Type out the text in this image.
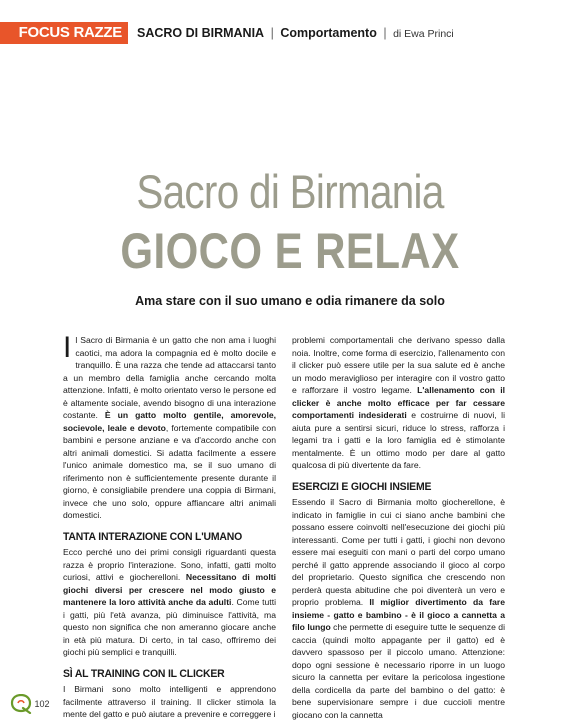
FOCUS RAZZE	SACRO DI BIRMANIA | Comportamento | di Ewa Princi
Sacro di Birmania
GIOCO E RELAX
Ama stare con il suo umano e odia rimanere da solo

Il Sacro di Birmania è un gatto che non ama i luoghi caotici, ma adora la compagnia ed è molto docile e tranquillo. È una razza che tende ad attaccarsi tanto a un membro della famiglia anche cercando molta attenzione. Infatti, è molto orientato verso le persone ed è altamente sociale, avendo bisogno di una interazione costante. È un gatto molto gentile, amorevole, socievole, leale e devoto, fortemente compatibile con bambini e persone anziane e va d'accordo anche con altri animali domestici. Si adatta facilmente a essere l'unico animale domestico ma, se il suo umano di riferimento non è sufficientemente presente durante il giorno, è consigliabile prendere una coppia di Birmani, invece che uno solo, oppure affiancare altri animali domestici.

TANTA INTERAZIONE CON L'UMANO

Ecco perché uno dei primi consigli riguardanti questa razza è proprio l'interazione. Sono, infatti, gatti molto curiosi, attivi e giocherelloni. Necessitano di molti giochi diversi per crescere nel modo giusto e mantenere la loro attività anche da adulti. Come tutti i gatti, più l'età avanza, più diminuisce l'attività, ma questo non significa che non ameranno giocare anche in età più matura. Di certo, in tal caso, offriremo dei giochi più semplici e tranquilli.

SÌ AL TRAINING CON IL CLICKER

I Birmani sono molto intelligenti e apprendono facilmente attraverso il training. Il clicker stimola la mente del gatto e può aiutare a prevenire e correggere i

problemi comportamentali che derivano spesso dalla noia. Inoltre, come forma di esercizio, l'allenamento con il clicker può essere utile per la sua salute ed è anche un modo meraviglioso per interagire con il vostro gatto e rafforzare il vostro legame. L'allenamento con il clicker è anche molto efficace per far cessare comportamenti indesiderati e costruirne di nuovi, li aiuta pure a sentirsi sicuri, riduce lo stress, rafforza i legami tra i gatti e la loro famiglia ed è stimolante mentalmente. È un ottimo modo per dare al gatto qualcosa di più divertente da fare.

ESERCIZI E GIOCHI INSIEME

Essendo il Sacro di Birmania molto giocherellone, è indicato in famiglie in cui ci siano anche bambini che possano essere coinvolti nell'esecuzione dei giochi più interessanti. Come per tutti i gatti, i giochi non devono essere mai eseguiti con mani o parti del corpo umano perché il gatto apprende associando il gioco al corpo del proprietario. Questo significa che crescendo non perderà questa abitudine che poi diventerà un vero e proprio problema. Il miglior divertimento da fare insieme - gatto e bambino - è il gioco a cannetta a filo lungo che permette di eseguire tutte le sequenze di caccia (quindi molto appagante per il gatto) ed è davvero spassoso per il piccolo umano. Attenzione: dopo ogni sessione è necessario riporre in un luogo sicuro la cannetta per evitare la pericolosa ingestione della cordicella da parte del bambino o del gatto: è bene supervisionare sempre i due cuccioli mentre giocano con la cannetta

102
